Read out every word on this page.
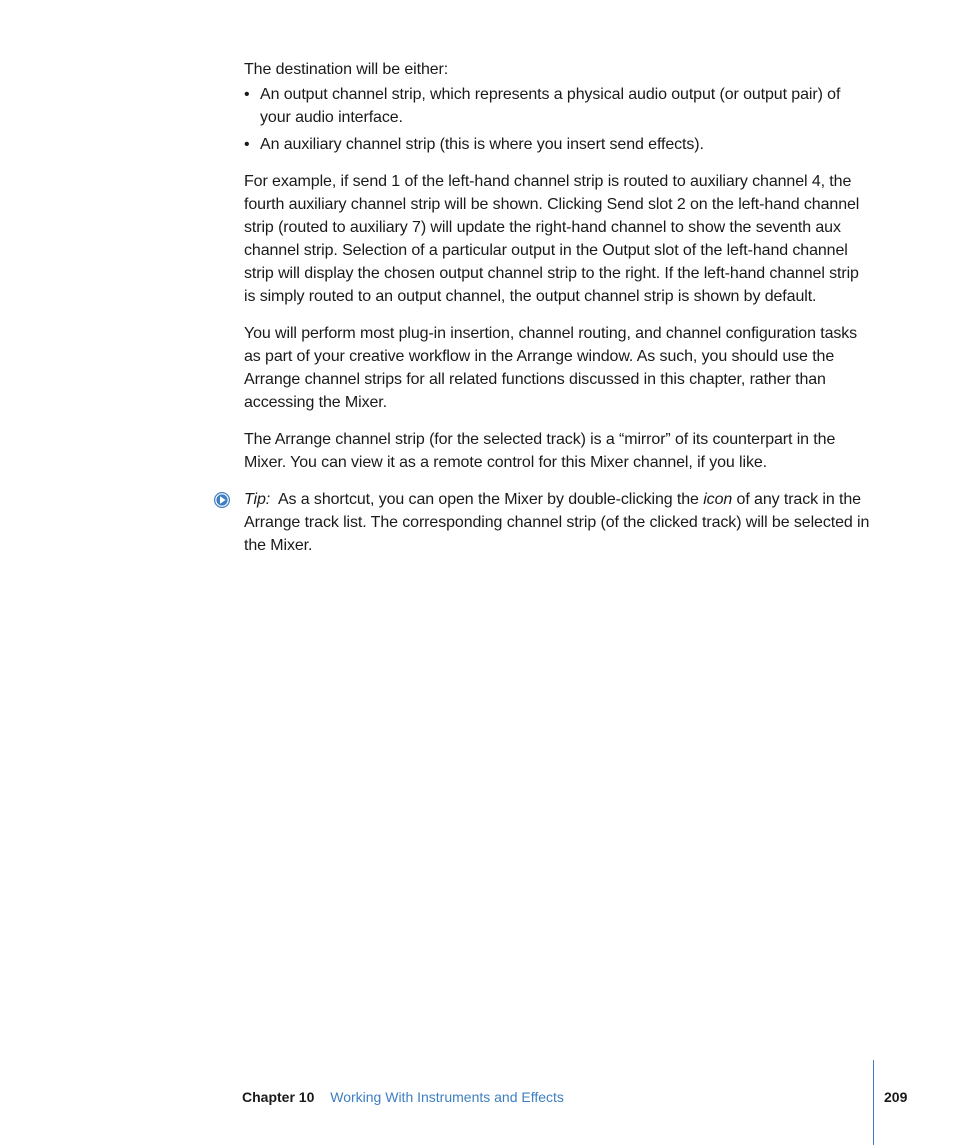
The destination will be either:

• An output channel strip, which represents a physical audio output (or output pair) of your audio interface.
• An auxiliary channel strip (this is where you insert send effects).

For example, if send 1 of the left-hand channel strip is routed to auxiliary channel 4, the fourth auxiliary channel strip will be shown. Clicking Send slot 2 on the left-hand channel strip (routed to auxiliary 7) will update the right-hand channel to show the seventh aux channel strip. Selection of a particular output in the Output slot of the left-hand channel strip will display the chosen output channel strip to the right. If the left-hand channel strip is simply routed to an output channel, the output channel strip is shown by default.

You will perform most plug-in insertion, channel routing, and channel configuration tasks as part of your creative workflow in the Arrange window. As such, you should use the Arrange channel strips for all related functions discussed in this chapter, rather than accessing the Mixer.

The Arrange channel strip (for the selected track) is a “mirror” of its counterpart in the Mixer. You can view it as a remote control for this Mixer channel, if you like.

Tip: As a shortcut, you can open the Mixer by double-clicking the icon of any track in the Arrange track list. The corresponding channel strip (of the clicked track) will be selected in the Mixer.

Chapter 10 Working With Instruments and Effects	209
